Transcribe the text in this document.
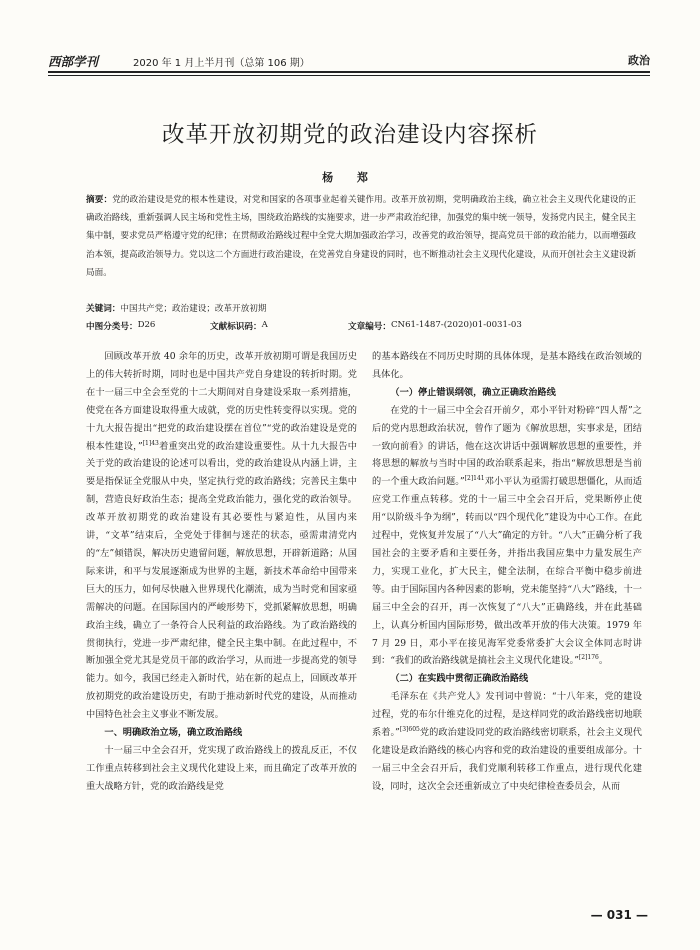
西部学刊	2020 年 1 月上半月刊（总第 106 期）	政治
改革开放初期党的政治建设内容探析
杨 郑
摘要：党的政治建设是党的根本性建设，对党和国家的各项事业起着关键作用。改革开放初期，党明确政治主线，确立社会主义现代化建设的正确政治路线，重新强调人民主场和党性主场，围绕政治路线的实施要求，进一步严肃政治纪律，加强党的集中统一领导，发扬党内民主，健全民主集中制，要求党员严格遵守党的纪律；在贯彻政治路线过程中全党大期加强政治学习，改善党的政治领导，提高党员干部的政治能力，以而增强政治本领，提高政治领导力。党以这二个方面进行政治建设，在党善党自身建设的同时，也不断推动社会主义现代化建设，从而开创社会主义建设新局面。
关键词：中国共产党；政治建设；改革开放初期
中图分类号： D26	文献标识码： A	文章编号： CN61-1487-(2020)01-0031-03

回顾改革开放 40 余年的历史，改革开放初期可谓是我国历史上的伟大转折时期，同时也是中国共产党自身建设的转折时期。党在十一届三中全会至党的十二大期间对自身建设采取一系列措施，使党在各方面建设取得重大成就，党的历史性转变得以实现。党的十九大报告提出“把党的政治建设摆在首位”“党的政治建设是党的根本性建设，”$^{[1]43}$着重突出党的政治建设重要性。从十九大报告中关于党的政治建设的论述可以看出，党的政治建设从内涵上讲，主要是指保证全党服从中央，坚定执行党的政治路线；完善民主集中制，营造良好政治生态；提高全党政治能力，强化党的政治领导。改革开放初期党的政治建设有其必要性与紧迫性，从国内来讲，“文革”结束后，全党处于徘徊与迷茫的状态，亟需肃清党内的“左”倾错误，解决历史遗留问题，解放思想，开辟新道路；从国际来讲，和平与发展逐渐成为世界的主题，新技术革命给中国带来巨大的压力，如何尽快融入世界现代化潮流，成为当时党和国家亟需解决的问题。在国际国内的严峻形势下，党抓紧解放思想，明确政治主线，确立了一条符合人民利益的政治路线。为了政治路线的贯彻执行，党进一步严肃纪律，健全民主集中制。在此过程中，不断加强全党尤其是党员干部的政治学习，从而进一步提高党的领导能力。如今，我国已经走入新时代，站在新的起点上，回顾改革开放初期党的政治建设历史，有助于推动新时代党的建设，从而推动中国特色社会主义事业不断发展。

一、明确政治立场，确立政治路线

十一届三中全会召开，党实现了政治路线上的拨乱反正，不仅工作重点转移到社会主义现代化建设上来，而且确定了改革开放的重大战略方针，党的政治路线是党

的基本路线在不同历史时期的具体体现，是基本路线在政治领域的具体化。

（一）停止错误纲领，确立正确政治路线

在党的十一届三中全会召开前夕，邓小平针对粉碎“四人帮”之后的党内思想政治状况，曾作了题为《解放思想，实事求是，团结一致向前看》的讲话，他在这次讲话中强调解放思想的重要性，并将思想的解放与当时中国的政治联系起来，指出“解放思想是当前的一个重大政治问题。”$^{[2]141}$邓小平认为亟需打破思想僵化，从而适应党工作重点转移。党的十一届三中全会召开后，党果断停止使用“以阶级斗争为纲”，转而以“四个现代化”建设为中心工作。在此过程中，党恢复并发展了“八大”确定的方针。“八大”正确分析了我国社会的主要矛盾和主要任务，并指出我国应集中力量发展生产力，实现工业化，扩大民主，健全法制，在综合平衡中稳步前进等。由于国际国内各种因素的影响，党未能坚持“八大”路线，十一届三中全会的召开，再一次恢复了“八大”正确路线，并在此基础上，认真分析国内国际形势，做出改革开放的伟大决策。1979 年 7 月 29 日，邓小平在接见海军党委常委扩大会议全体同志时讲到：“我们的政治路线就是搞社会主义现代化建设。”$^{[2]176}$。

（二）在实践中贯彻正确政治路线

毛泽东在《共产党人》发刊词中曾说：“十八年来，党的建设过程，党的布尔什维克化的过程，是这样同党的政治路线密切地联系着。”$^{[3]605}$党的政治建设同党的政治路线密切联系，社会主义现代化建设是政治路线的核心内容和党的政治建设的重要组成部分。十一届三中全会召开后，我们党顺利转移工作重点，进行现代化建设，同时，这次全会还重新成立了中央纪律检查委员会，从而

— 031 —
